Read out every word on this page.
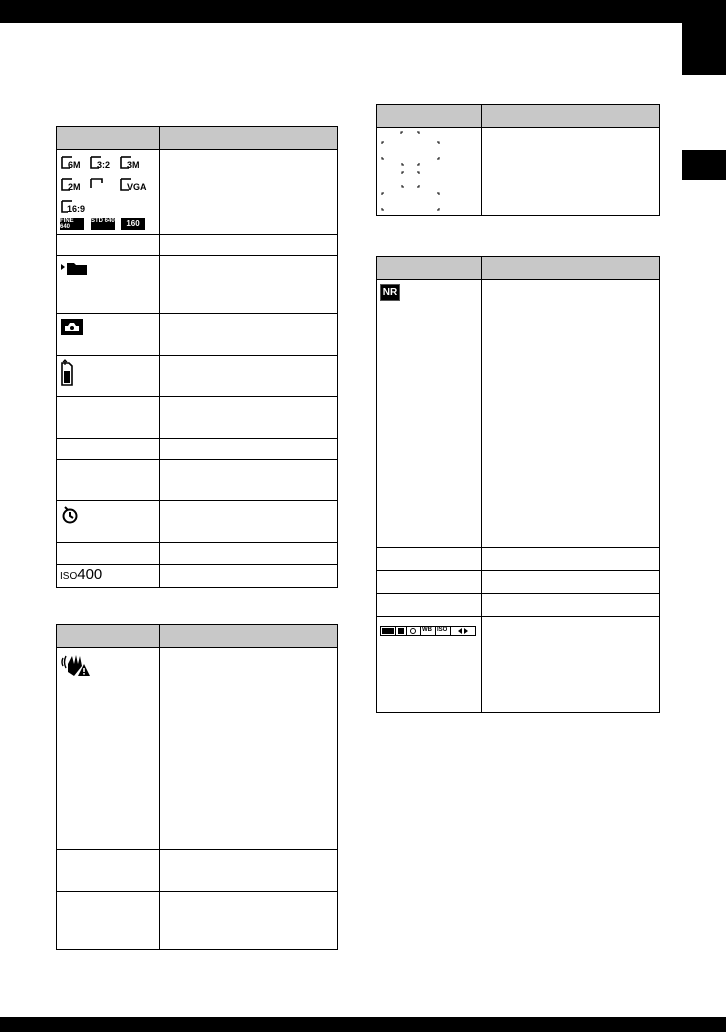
6M 3:2 3M
2M	VGA
16:9
FINE 640
STD 640	160
ISO400
NR
WB ISO
